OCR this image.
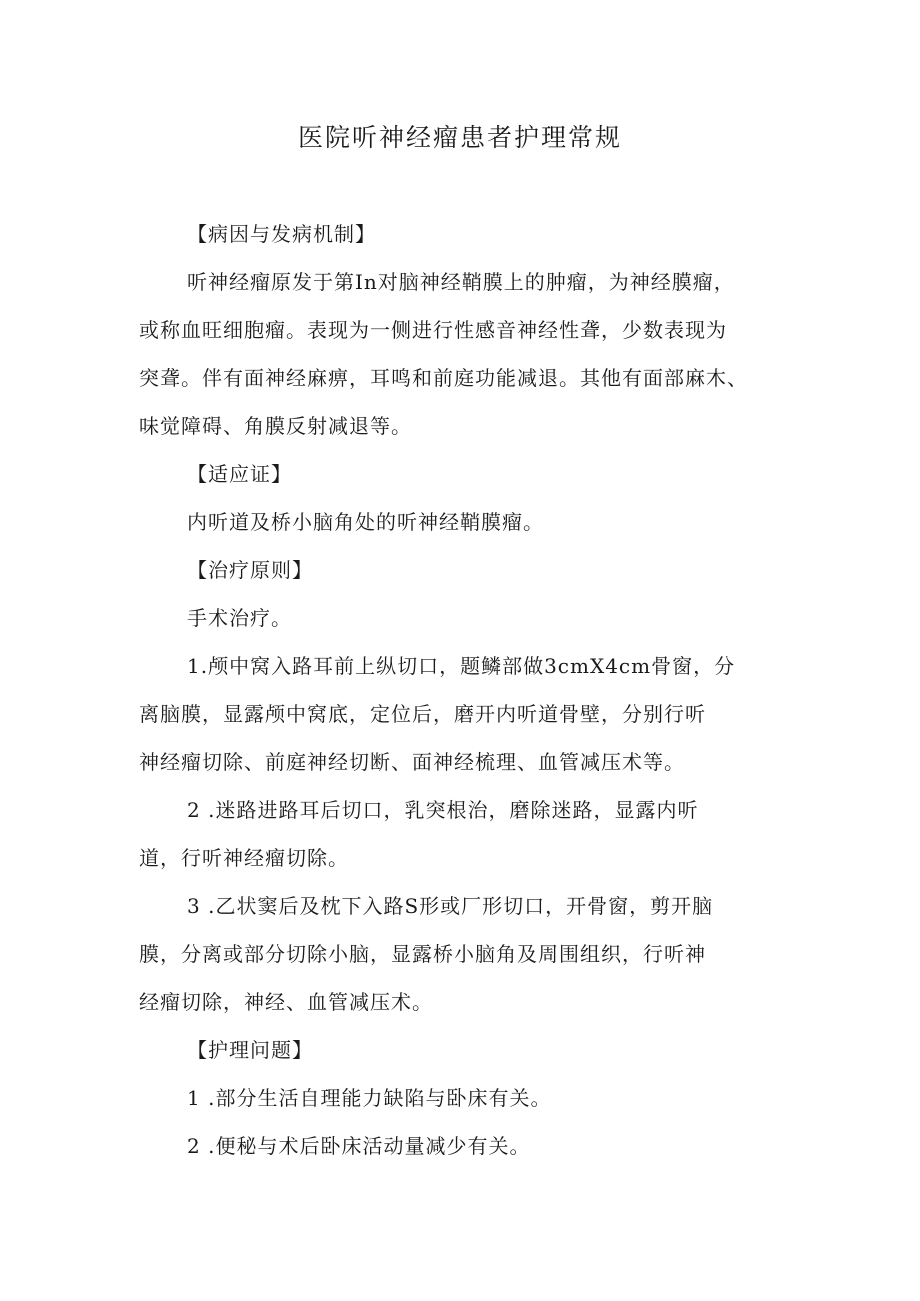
医院听神经瘤患者护理常规
【病因与发病机制】
听神经瘤原发于第In对脑神经鞘膜上的肿瘤，为神经膜瘤，
或称血旺细胞瘤。表现为一侧进行性感音神经性聋，少数表现为
突聋。伴有面神经麻痹，耳鸣和前庭功能减退。其他有面部麻木、
味觉障碍、角膜反射减退等。
【适应证】
内听道及桥小脑角处的听神经鞘膜瘤。
【治疗原则】
手术治疗。
1.颅中窝入路耳前上纵切口，题鳞部做3cmX4cm骨窗，分
离脑膜，显露颅中窝底，定位后，磨开内听道骨壁，分别行听
神经瘤切除、前庭神经切断、面神经梳理、血管减压术等。
2 .迷路进路耳后切口，乳突根治，磨除迷路，显露内听
道，行听神经瘤切除。
3 .乙状窦后及枕下入路S形或厂形切口，开骨窗，剪开脑
膜，分离或部分切除小脑，显露桥小脑角及周围组织，行听神
经瘤切除，神经、血管减压术。
【护理问题】
1 .部分生活自理能力缺陷与卧床有关。
2 .便秘与术后卧床活动量减少有关。
